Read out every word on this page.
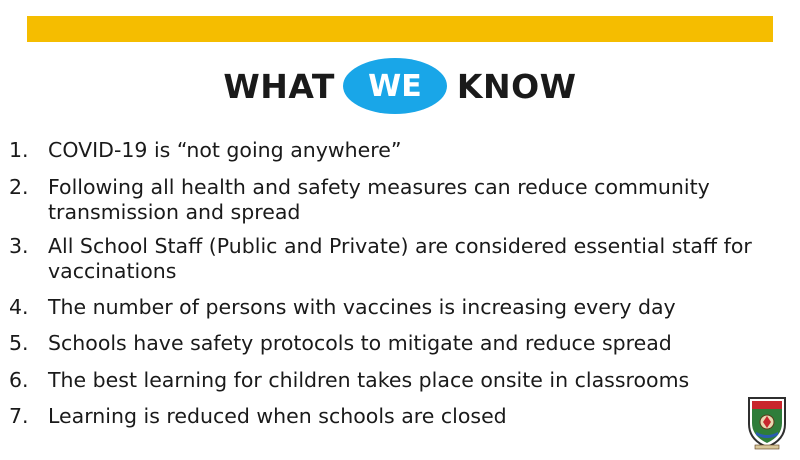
WHAT	WE	KNOW
1. COVID-19 is “not going anywhere”
2. Following all health and safety measures can reduce community transmission and spread
3. All School Staff (Public and Private) are considered essential staff for vaccinations
4. The number of persons with vaccines is increasing every day
5. Schools have safety protocols to mitigate and reduce spread
6. The best learning for children takes place onsite in classrooms
7. Learning is reduced when schools are closed
